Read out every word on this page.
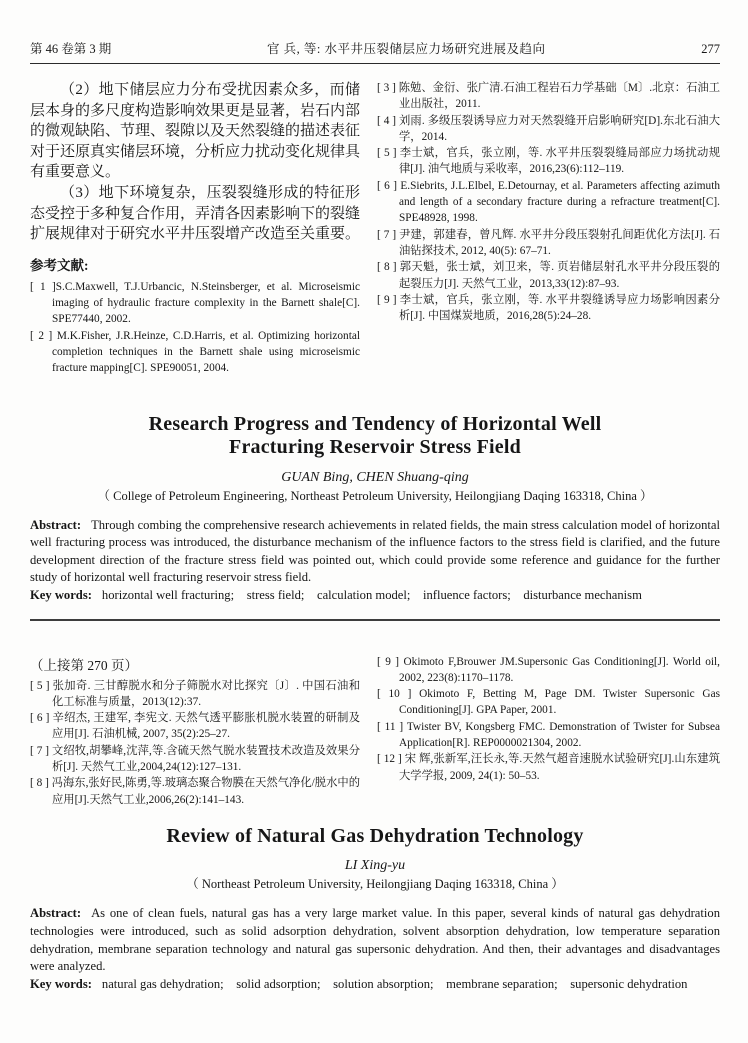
第 46 卷第 3 期	官 兵, 等: 水平井压裂储层应力场研究进展及趋向	277

（2）地下储层应力分布受扰因素众多，而储层本身的多尺度构造影响效果更是显著，岩石内部的微观缺陷、节理、裂隙以及天然裂缝的描述表征对于还原真实储层环境，分析应力扰动变化规律具有重要意义。

（3）地下环境复杂，压裂裂缝形成的特征形态受控于多种复合作用，弄清各因素影响下的裂缝扩展规律对于研究水平井压裂增产改造至关重要。

参考文献:

[ 1 ]S.C.Maxwell, T.J.Urbancic, N.Steinsberger, et al. Microseismic imaging of hydraulic fracture complexity in the Barnett shale[C]. SPE77440, 2002.

[ 2 ] M.K.Fisher, J.R.Heinze, C.D.Harris, et al. Optimizing horizontal completion techniques in the Barnett shale using microseismic fracture mapping[C]. SPE90051, 2004.

[ 3 ] 陈勉、金衍、张广清.石油工程岩石力学基础〔M〕.北京：石油工业出版社，2011.

[ 4 ] 刘雨. 多级压裂诱导应力对天然裂缝开启影响研究[D].东北石油大学，2014.

[ 5 ] 李士斌，官兵，张立刚，等. 水平井压裂裂缝局部应力场扰动规律[J]. 油气地质与采收率，2016,23(6):112–119.

[ 6 ] E.Siebrits, J.L.Elbel, E.Detournay, et al. Parameters affecting azimuth and length of a secondary fracture during a refracture treatment[C]. SPE48928, 1998.

[ 7 ] 尹建，郭建春，曾凡辉. 水平井分段压裂射孔间距优化方法[J]. 石油钻探技术, 2012, 40(5): 67–71.

[ 8 ] 郭天魁，张士斌，刘卫来，等. 页岩储层射孔水平井分段压裂的起裂压力[J]. 天然气工业，2013,33(12):87–93.

[ 9 ] 李士斌，官兵，张立刚，等. 水平井裂缝诱导应力场影响因素分析[J]. 中国煤炭地质，2016,28(5):24–28.

Research Progress and Tendency of Horizontal Well
Fracturing Reservoir Stress Field
GUAN Bing, CHEN Shuang-qing
（ College of Petroleum Engineering, Northeast Petroleum University, Heilongjiang Daqing 163318, China ）

Abstract: Through combing the comprehensive research achievements in related fields, the main stress calculation model of horizontal well fracturing process was introduced, the disturbance mechanism of the influence factors to the stress field is clarified, and the future development direction of the fracture stress field was pointed out, which could provide some reference and guidance for the further study of horizontal well fracturing reservoir stress field.

Key words: horizontal well fracturing;    stress field;    calculation model;    influence factors;    disturbance mechanism

（上接第 270 页）

[ 5 ] 张加奇. 三甘醇脱水和分子筛脱水对比探究〔J〕. 中国石油和化工标准与质量，2013(12):37.

[ 6 ] 辛绍杰, 王建军, 李宪文. 天然气透平膨胀机脱水装置的研制及应用[J]. 石油机械, 2007, 35(2):25–27.

[ 7 ] 文绍牧,胡攀峰,沈萍,等.含硫天然气脱水装置技术改造及效果分析[J]. 天然气工业,2004,24(12):127–131.

[ 8 ] 冯海东,张好民,陈勇,等.玻璃态聚合物膜在天然气净化/脱水中的应用[J].天然气工业,2006,26(2):141–143.

[ 9 ] Okimoto F,Brouwer JM.Supersonic Gas Conditioning[J]. World oil, 2002, 223(8):1170–1178.

[ 10 ] Okimoto F, Betting M, Page DM. Twister Supersonic Gas Conditioning[J]. GPA Paper, 2001.

[ 11 ] Twister BV, Kongsberg FMC. Demonstration of Twister for Subsea Application[R]. REP0000021304, 2002.

[ 12 ] 宋 辉,张新军,汪长永,等.天然气超音速脱水试验研究[J].山东建筑大学学报, 2009, 24(1): 50–53.

Review of Natural Gas Dehydration Technology
LI Xing-yu
（ Northeast Petroleum University, Heilongjiang Daqing 163318, China ）

Abstract: As one of clean fuels, natural gas has a very large market value. In this paper, several kinds of natural gas dehydration technologies were introduced, such as solid adsorption dehydration, solvent absorption dehydration, low temperature separation dehydration, membrane separation technology and natural gas supersonic dehydration. And then, their advantages and disadvantages were analyzed.

Key words: natural gas dehydration;    solid adsorption;    solution absorption;    membrane separation;    supersonic dehydration
